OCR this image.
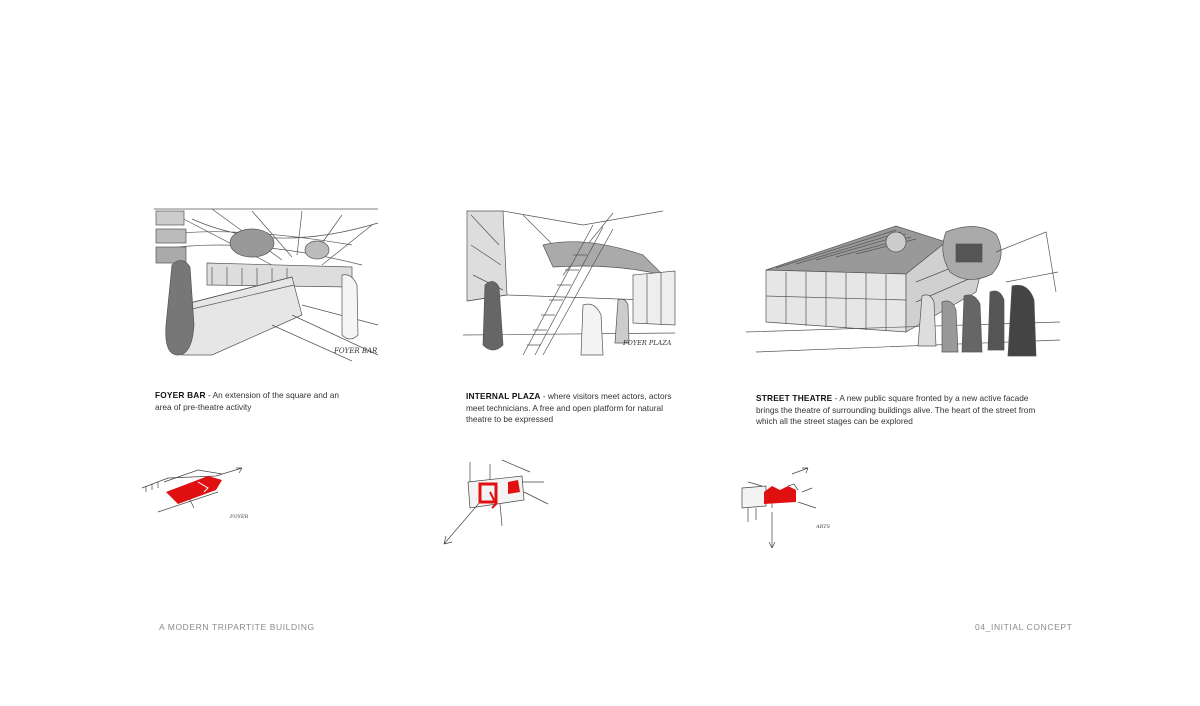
FOYER BAR
FOYER PLAZA
FOYER BAR - An extension of the square and an area of pre-theatre activity
INTERNAL PLAZA - where visitors meet actors, actors meet technicians. A free and open platform for natural theatre to be expressed
STREET THEATRE - A new public square fronted by a new active facade brings the theatre of surrounding buildings alive. The heart of the street from which all the street stages can be explored
FOYER
ARTS
A MODERN TRIPARTITE BUILDING	04_INITIAL CONCEPT
